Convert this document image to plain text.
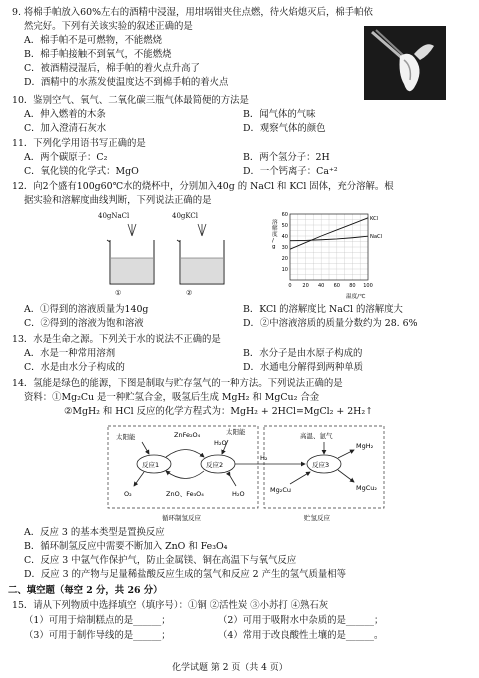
9. 将棉手帕放入60%左右的酒精中浸湿，用坩埚钳夹住点燃，待火焰熄灭后，棉手帕依
然完好。下列有关该实验的叙述正确的是
A．棉手帕不是可燃物，不能燃烧
B．棉手帕接触不到氧气，不能燃烧
C．被酒精浸湿后，棉手帕的着火点升高了
D．酒精中的水蒸发使温度达不到棉手帕的着火点
10．鉴别空气、氧气、二氧化碳三瓶气体最简便的方法是
A．伸入燃着的木条	B．闻气体的气味
C．加入澄清石灰水	D．观察气体的颜色
11．下列化学用语书写正确的是
A．两个碳原子：C₂	B．两个氢分子：2H
C．氧化镁的化学式：MgO	D．一个钙离子：Ca⁺²
12．向2个盛有100g60℃水的烧杯中，分别加入40g 的 NaCl 和 KCl 固体，充分溶解。根
据实验和溶解度曲线判断，下列说法正确的是
40gNaCl	40gKCl
①	②
KCl
NaCl
10
20
30
40
50
60
0 20 40 60 80 100
溶解度/ g
温度/℃
A．①得到的溶液质量为140g	B．KCl 的溶解度比 NaCl 的溶解度大
C．②得到的溶液为饱和溶液	D．②中溶液溶质的质量分数约为 28. 6%
13．水是生命之源。下列关于水的说法不正确的是
A．水是一种常用溶剂	B．水分子是由水原子构成的
C．水是由水分子构成的	D．水通电分解得到两种单质
14．氢能是绿色的能源，下图是制取与贮存氢气的一种方法。下列说法正确的是
资料：①Mg₂Cu 是一种贮氢合金，吸氢后生成 MgH₂ 和 MgCu₂ 合金
②MgH₂ 和 HCl 反应的化学方程式为：MgH₂ + 2HCl=MgCl₂ + 2H₂↑
太阳能
太阳能
ZnFe₂O₄
H₂O
反应1	反应2	反应3
O₂	ZnO、Fe₃O₄	H₂O
H₂
高温、氩气
MgH₂
Mg₂Cu	MgCu₂
循环制氢反应	贮氢反应
A．反应 3 的基本类型是置换反应
B．循环制氢反应中需要不断加入 ZnO 和 Fe₃O₄
C．反应 3 中氩气作保护气，防止金属镁、铜在高温下与氧气反应
D．反应 3 的产物与足量稀盐酸反应生成的氢气和反应 2 产生的氢气质量相等
二、填空题（每空 2 分，共 26 分）
15．请从下列物质中选择填空（填序号）：①铜 ②活性炭 ③小苏打 ④熟石灰
（1）可用于焙制糕点的是______；	（2）可用于吸附水中杂质的是______；
（3）可用于制作导线的是______；	（4）常用于改良酸性土壤的是______。
化学试题 第 2 页（共 4 页）
